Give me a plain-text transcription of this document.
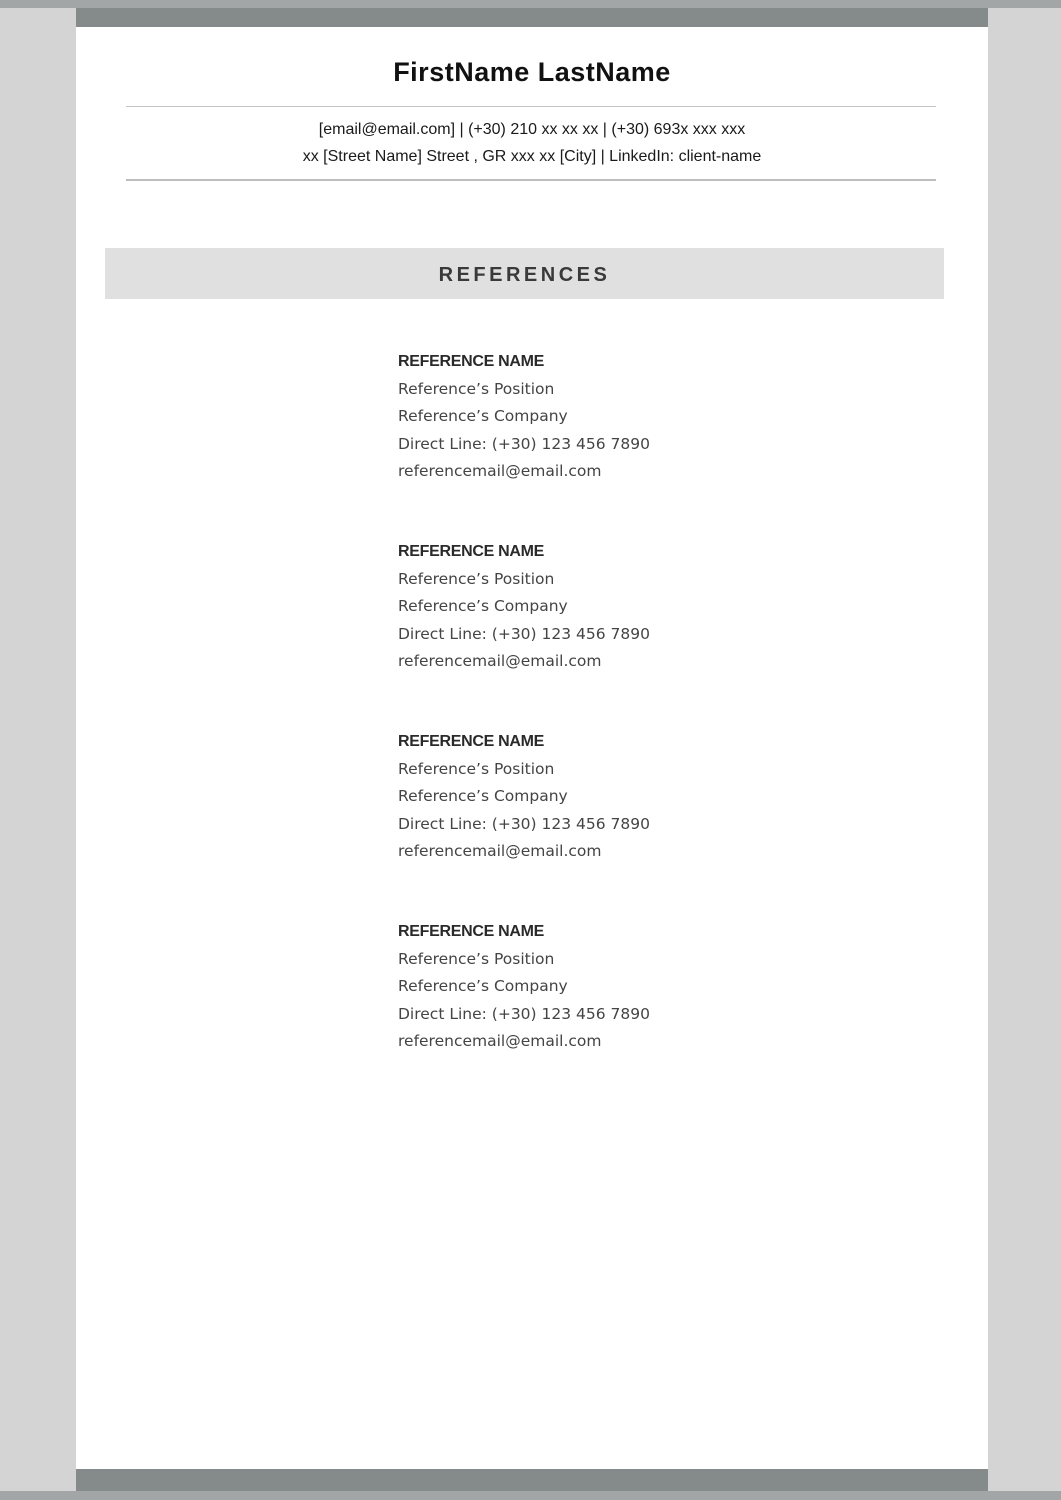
FirstName LastName
[email@email.com] | (+30) 210 xx xx xx | (+30) 693x xxx xxx
xx [Street Name] Street , GR xxx xx [City] | LinkedIn: client-name
REFERENCES
REFERENCE NAME
Reference’s Position
Reference’s Company
Direct Line: (+30) 123 456 7890
referencemail@email.com
REFERENCE NAME
Reference’s Position
Reference’s Company
Direct Line: (+30) 123 456 7890
referencemail@email.com
REFERENCE NAME
Reference’s Position
Reference’s Company
Direct Line: (+30) 123 456 7890
referencemail@email.com
REFERENCE NAME
Reference’s Position
Reference’s Company
Direct Line: (+30) 123 456 7890
referencemail@email.com
